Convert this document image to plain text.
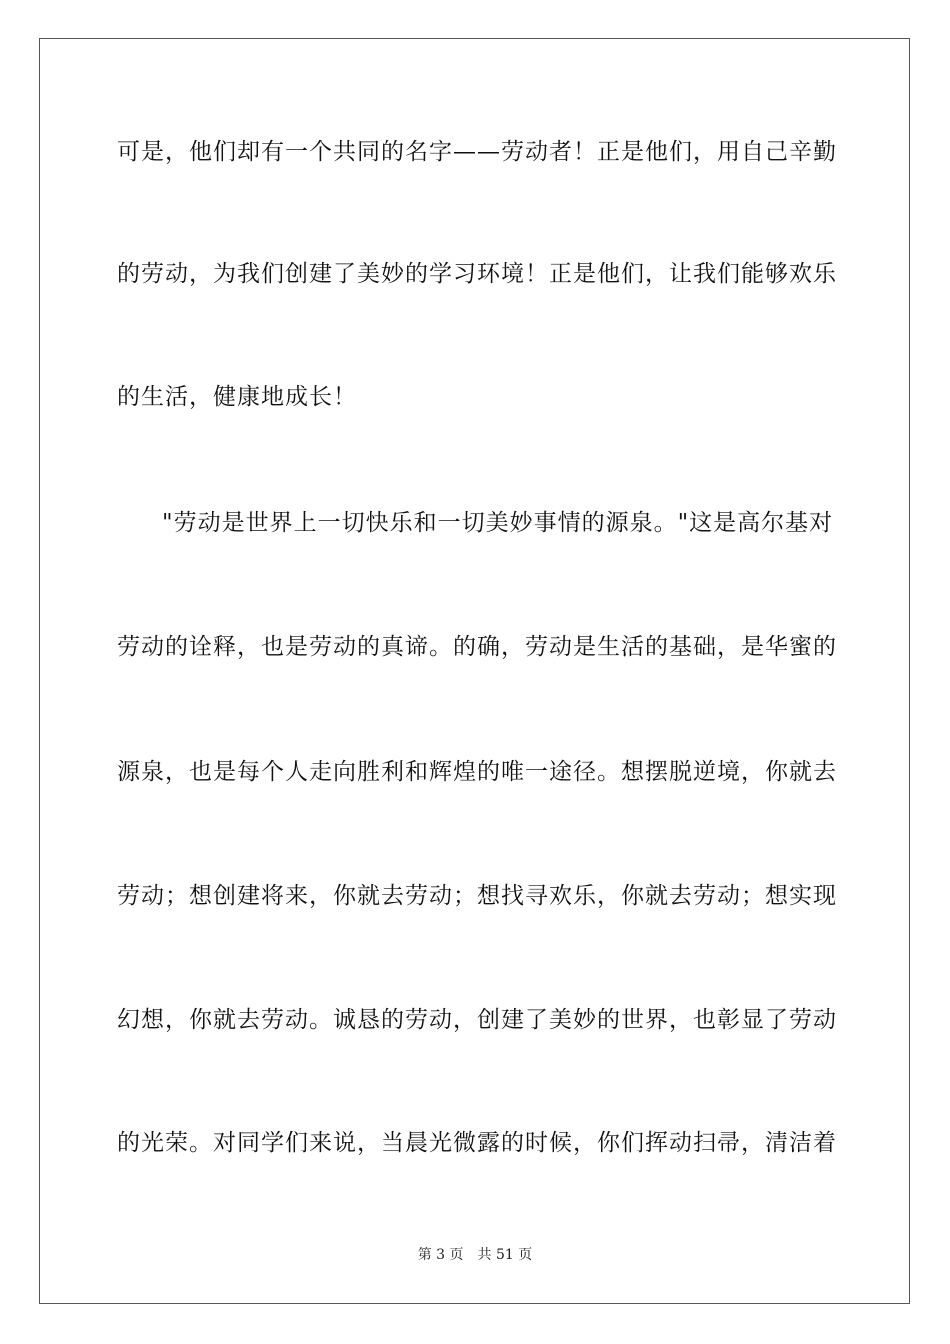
可是，他们却有一个共同的名字——劳动者！正是他们，用自己辛勤
的劳动，为我们创建了美妙的学习环境！正是他们，让我们能够欢乐
的生活，健康地成长！
"劳动是世界上一切快乐和一切美妙事情的源泉。"这是高尔基对
劳动的诠释，也是劳动的真谛。的确，劳动是生活的基础，是华蜜的
源泉，也是每个人走向胜利和辉煌的唯一途径。想摆脱逆境，你就去
劳动；想创建将来，你就去劳动；想找寻欢乐，你就去劳动；想实现
幻想，你就去劳动。诚恳的劳动，创建了美妙的世界，也彰显了劳动
的光荣。对同学们来说，当晨光微露的时候，你们挥动扫帚，清洁着
第 3 页 共 51 页
